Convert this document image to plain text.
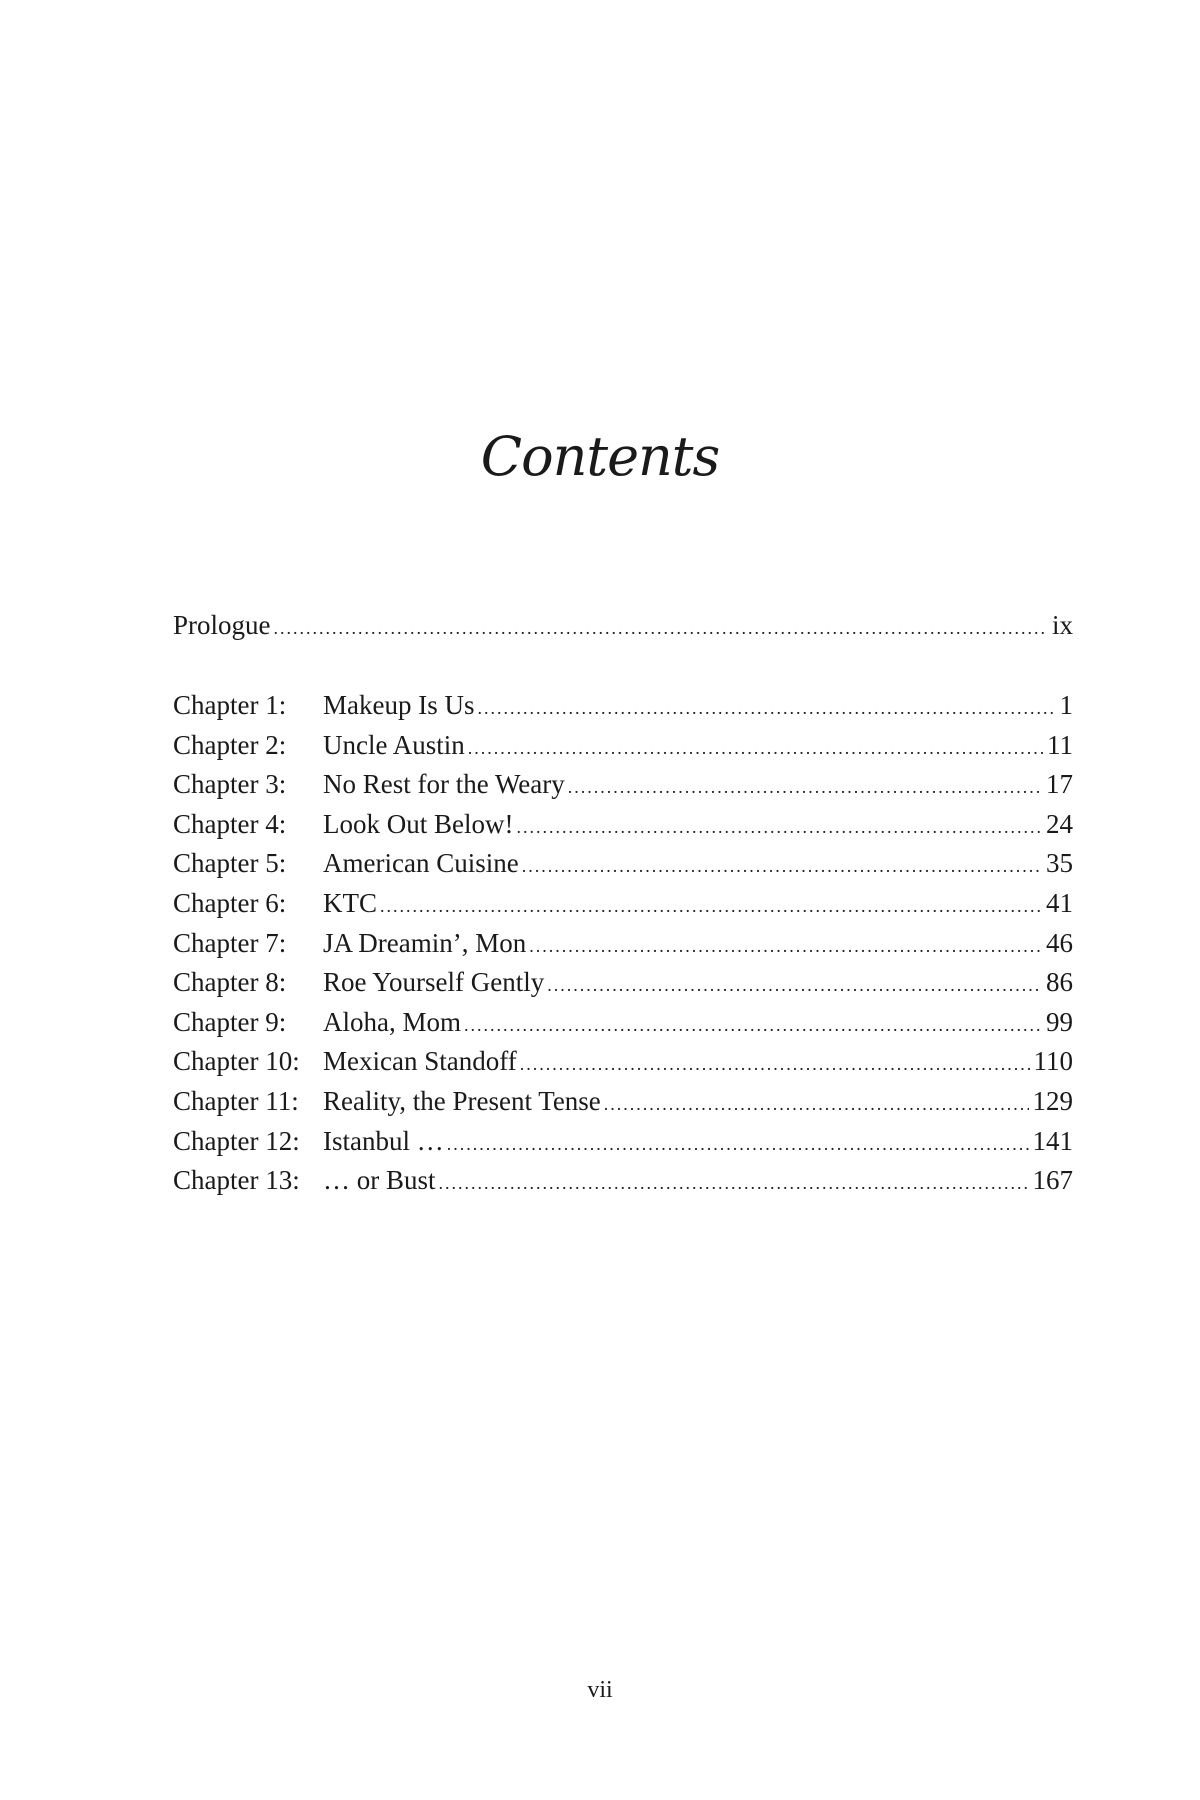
Contents
Prologue .....	ix
Chapter 1:	Makeup Is Us .....	1
Chapter 2:	Uncle Austin .....	11
Chapter 3:	No Rest for the Weary .....	17
Chapter 4:	Look Out Below! .....	24
Chapter 5:	American Cuisine .....	35
Chapter 6:	KTC .....	41
Chapter 7:	JA Dreamin’, Mon .....	46
Chapter 8:	Roe Yourself Gently .....	86
Chapter 9:	Aloha, Mom .....	99
Chapter 10: Mexican Standoff .....	110
Chapter 11: Reality, the Present Tense .....	129
Chapter 12: Istanbul … .....	141
Chapter 13: … or Bust .....	167
vii
